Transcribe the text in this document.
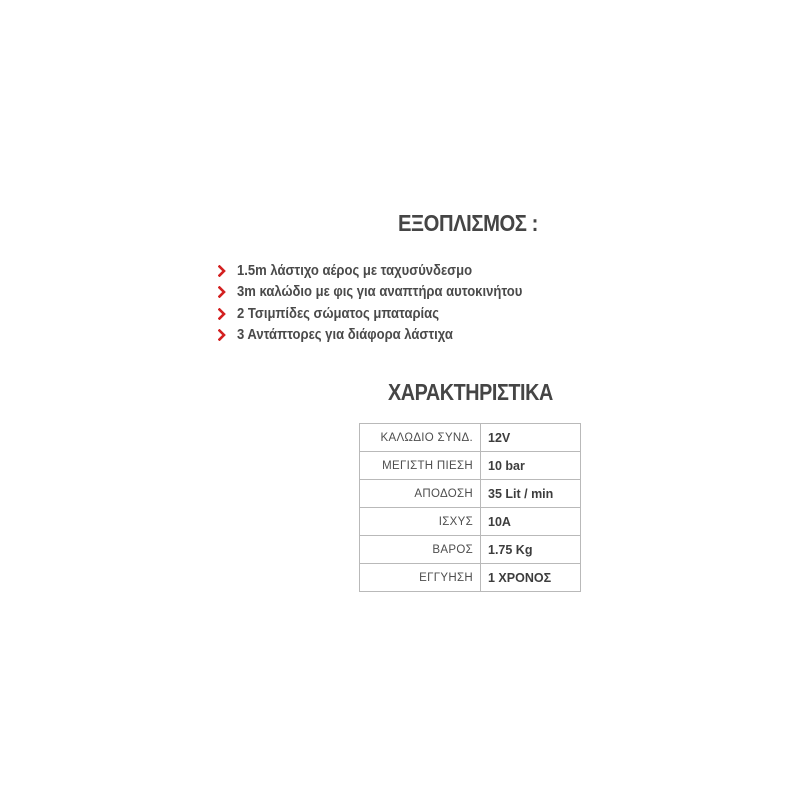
ΕΞΟΠΛΙΣΜΟΣ :
1.5m λάστιχο αέρος με ταχυσύνδεσμο
3m καλώδιο με φις για αναπτήρα αυτοκινήτου
2 Τσιμπίδες σώματος μπαταρίας
3 Αντάπτορες για διάφορα λάστιχα
ΧΑΡΑΚΤΗΡΙΣΤΙΚΑ
ΚΑΛΩΔΙΟ ΣΥΝΔ.	12V
ΜΕΓΙΣΤΗ ΠΙΕΣΗ	10 bar
ΑΠΟΔΟΣΗ	35 Lit / min
ΙΣΧΥΣ	10A
ΒΑΡΟΣ	1.75 Kg
ΕΓΓΥΗΣΗ	1 ΧΡΟΝΟΣ
